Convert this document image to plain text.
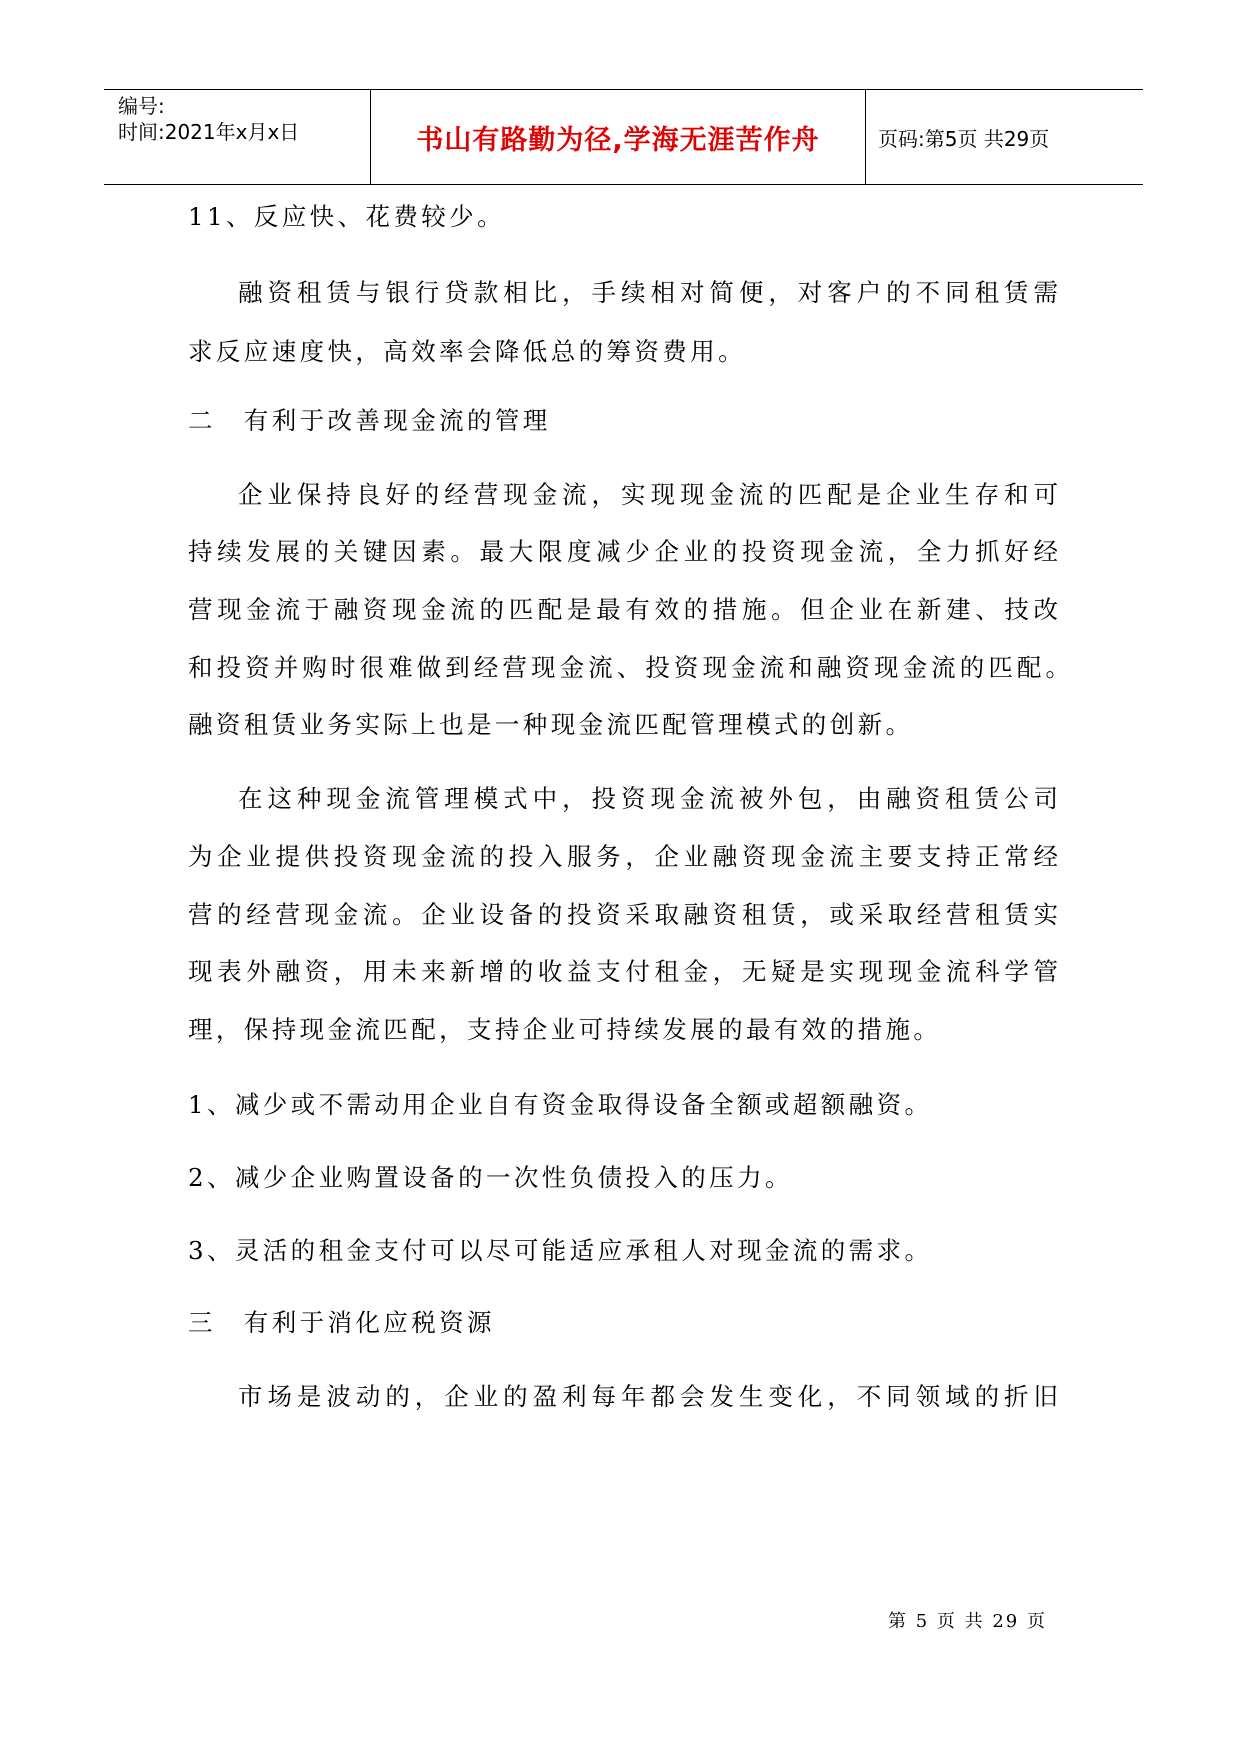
编号:
时间:2021年x月x日	书山有路勤为径,学海无涯苦作舟	页码:第5页 共29页
11、反应快、花费较少。
融资租赁与银行贷款相比，手续相对简便，对客户的不同租赁需
求反应速度快，高效率会降低总的筹资费用。
二　有利于改善现金流的管理
企业保持良好的经营现金流，实现现金流的匹配是企业生存和可
持续发展的关键因素。最大限度减少企业的投资现金流，全力抓好经
营现金流于融资现金流的匹配是最有效的措施。但企业在新建、技改
和投资并购时很难做到经营现金流、投资现金流和融资现金流的匹配。
融资租赁业务实际上也是一种现金流匹配管理模式的创新。
在这种现金流管理模式中，投资现金流被外包，由融资租赁公司
为企业提供投资现金流的投入服务，企业融资现金流主要支持正常经
营的经营现金流。企业设备的投资采取融资租赁，或采取经营租赁实
现表外融资，用未来新增的收益支付租金，无疑是实现现金流科学管
理，保持现金流匹配，支持企业可持续发展的最有效的措施。
1、减少或不需动用企业自有资金取得设备全额或超额融资。
2、减少企业购置设备的一次性负债投入的压力。
3、灵活的租金支付可以尽可能适应承租人对现金流的需求。
三　有利于消化应税资源
市场是波动的，企业的盈利每年都会发生变化，不同领域的折旧
第 5 页 共 29 页
